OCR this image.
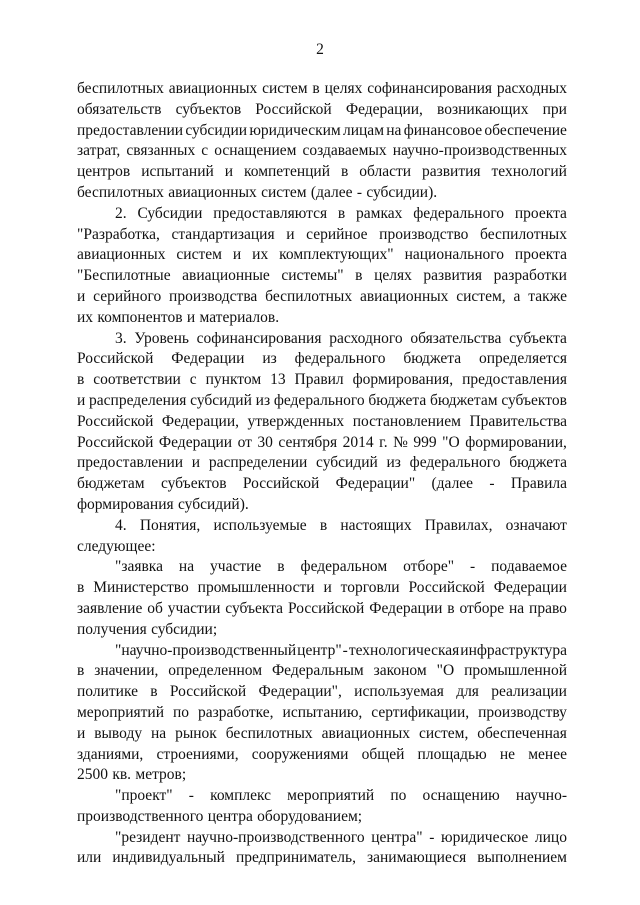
2
беспилотных авиационных систем в целях софинансирования расходных
обязательств субъектов Российской Федерации, возникающих при
предоставлении субсидии юридическим лицам на финансовое обеспечение
затрат, связанных с оснащением создаваемых научно-производственных
центров испытаний и компетенций в области развития технологий
беспилотных авиационных систем (далее - субсидии).
2. Субсидии предоставляются в рамках федерального проекта
"Разработка, стандартизация и серийное производство беспилотных
авиационных систем и их комплектующих" национального проекта
"Беспилотные авиационные системы" в целях развития разработки
и серийного производства беспилотных авиационных систем, а также
их компонентов и материалов.
3. Уровень софинансирования расходного обязательства субъекта
Российской Федерации из федерального бюджета определяется
в соответствии с пунктом 13 Правил формирования, предоставления
и распределения субсидий из федерального бюджета бюджетам субъектов
Российской Федерации, утвержденных постановлением Правительства
Российской Федерации от 30 сентября 2014 г. № 999 "О формировании,
предоставлении и распределении субсидий из федерального бюджета
бюджетам субъектов Российской Федерации" (далее - Правила
формирования субсидий).
4. Понятия, используемые в настоящих Правилах, означают
следующее:
"заявка на участие в федеральном отборе" - подаваемое
в Министерство промышленности и торговли Российской Федерации
заявление об участии субъекта Российской Федерации в отборе на право
получения субсидии;
"научно-производственный центр" - технологическая инфраструктура
в значении, определенном Федеральным законом "О промышленной
политике в Российской Федерации", используемая для реализации
мероприятий по разработке, испытанию, сертификации, производству
и выводу на рынок беспилотных авиационных систем, обеспеченная
зданиями, строениями, сооружениями общей площадью не менее
2500 кв. метров;
"проект" - комплекс мероприятий по оснащению научно-
производственного центра оборудованием;
"резидент научно-производственного центра" - юридическое лицо
или индивидуальный предприниматель, занимающиеся выполнением
